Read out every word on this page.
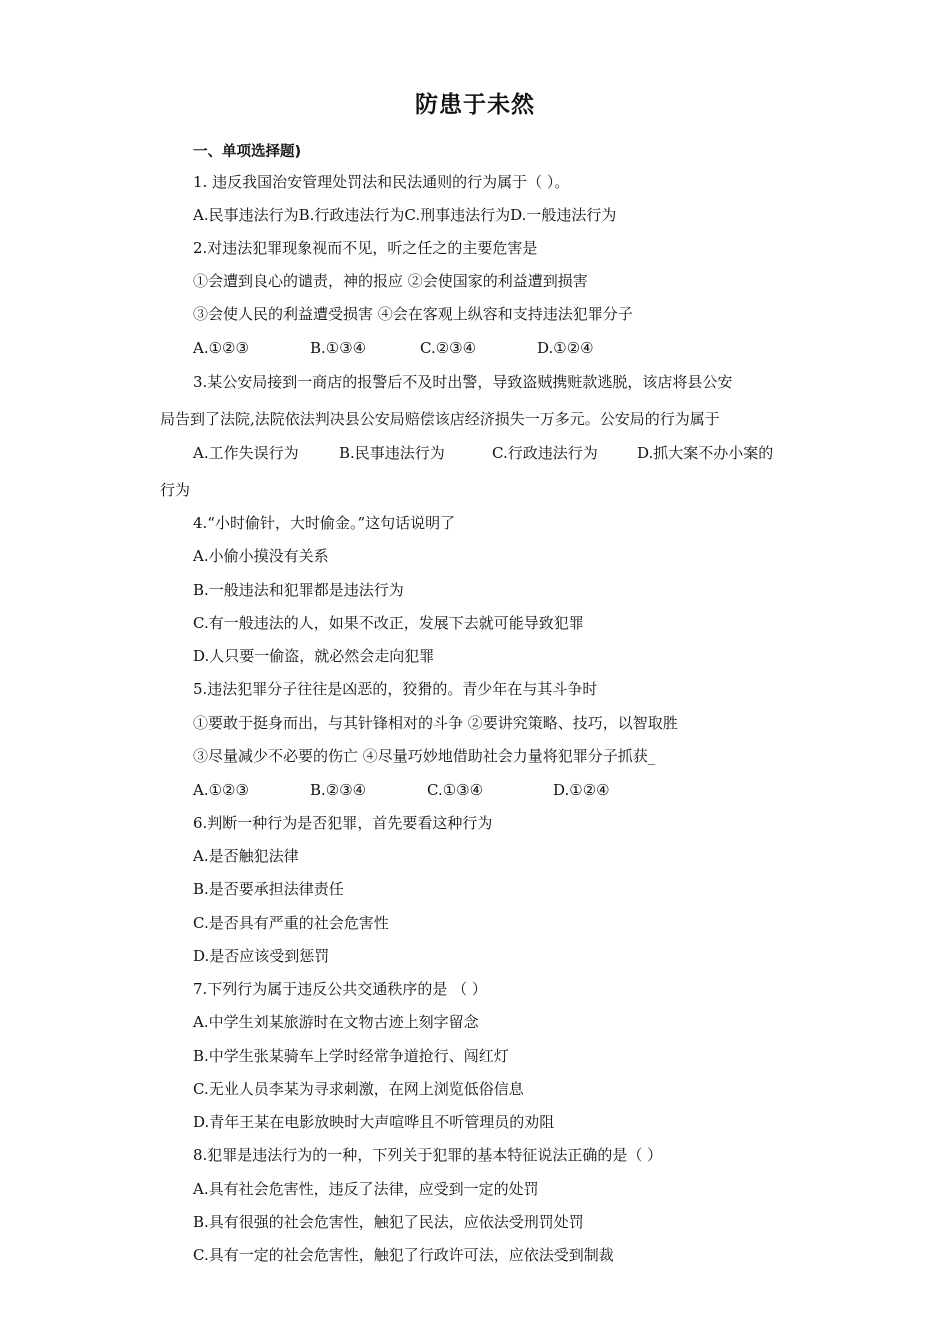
防患于未然
一、单项选择题)
1. 违反我国治安管理处罚法和民法通则的行为属于（ ）。
A.民事违法行为B.行政违法行为C.刑事违法行为D.一般违法行为
2.对违法犯罪现象视而不见，听之任之的主要危害是
①会遭到良心的谴责，神的报应 ②会使国家的利益遭到损害
③会使人民的利益遭受损害 ④会在客观上纵容和支持违法犯罪分子
A.①②③	B.①③④	C.②③④	D.①②④
3.某公安局接到一商店的报警后不及时出警，导致盗贼携赃款逃脱，该店将县公安
局告到了法院,法院依法判决县公安局赔偿该店经济损失一万多元。公安局的行为属于
A.工作失误行为	B.民事违法行为	C.行政违法行为	D.抓大案不办小案的
行为
4.“小时偷针，大时偷金。”这句话说明了
A.小偷小摸没有关系
B.一般违法和犯罪都是违法行为
C.有一般违法的人，如果不改正，发展下去就可能导致犯罪
D.人只要一偷盗，就必然会走向犯罪
5.违法犯罪分子往往是凶恶的，狡猾的。青少年在与其斗争时
①要敢于挺身而出，与其针锋相对的斗争 ②要讲究策略、技巧，以智取胜
③尽量减少不必要的伤亡 ④尽量巧妙地借助社会力量将犯罪分子抓获_
A.①②③	B.②③④	C.①③④	D.①②④
6.判断一种行为是否犯罪，首先要看这种行为
A.是否触犯法律
B.是否要承担法律责任
C.是否具有严重的社会危害性
D.是否应该受到惩罚
7.下列行为属于违反公共交通秩序的是 （ ）
A.中学生刘某旅游时在文物古迹上刻字留念
B.中学生张某骑车上学时经常争道抢行、闯红灯
C.无业人员李某为寻求刺激，在网上浏览低俗信息
D.青年王某在电影放映时大声喧哗且不听管理员的劝阻
8.犯罪是违法行为的一种，下列关于犯罪的基本特征说法正确的是（ ）
A.具有社会危害性，违反了法律，应受到一定的处罚
B.具有很强的社会危害性，触犯了民法，应依法受刑罚处罚
C.具有一定的社会危害性，触犯了行政许可法，应依法受到制裁
